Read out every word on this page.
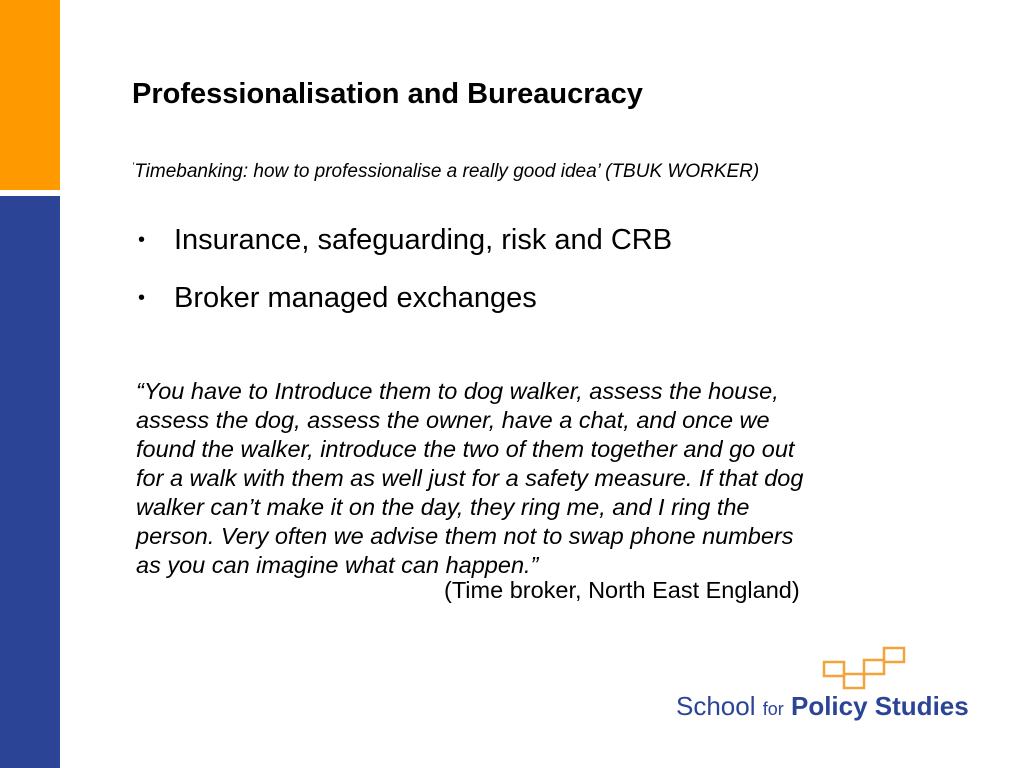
Professionalisation and Bureaucracy
‘Timebanking: how to professionalise a really good idea’ (TBUK WORKER)
• Insurance, safeguarding, risk and CRB
• Broker managed exchanges

“You have to Introduce them to dog walker, assess the house,

assess the dog, assess the owner, have a chat, and once we

found the walker, introduce the two of them together and go out

for a walk with them as well just for a safety measure. If that dog

walker can’t make it on the day, they ring me, and I ring the

person. Very often we advise them not to swap phone numbers

as you can imagine what can happen.”

(Time broker, North East England)
School for Policy Studies
